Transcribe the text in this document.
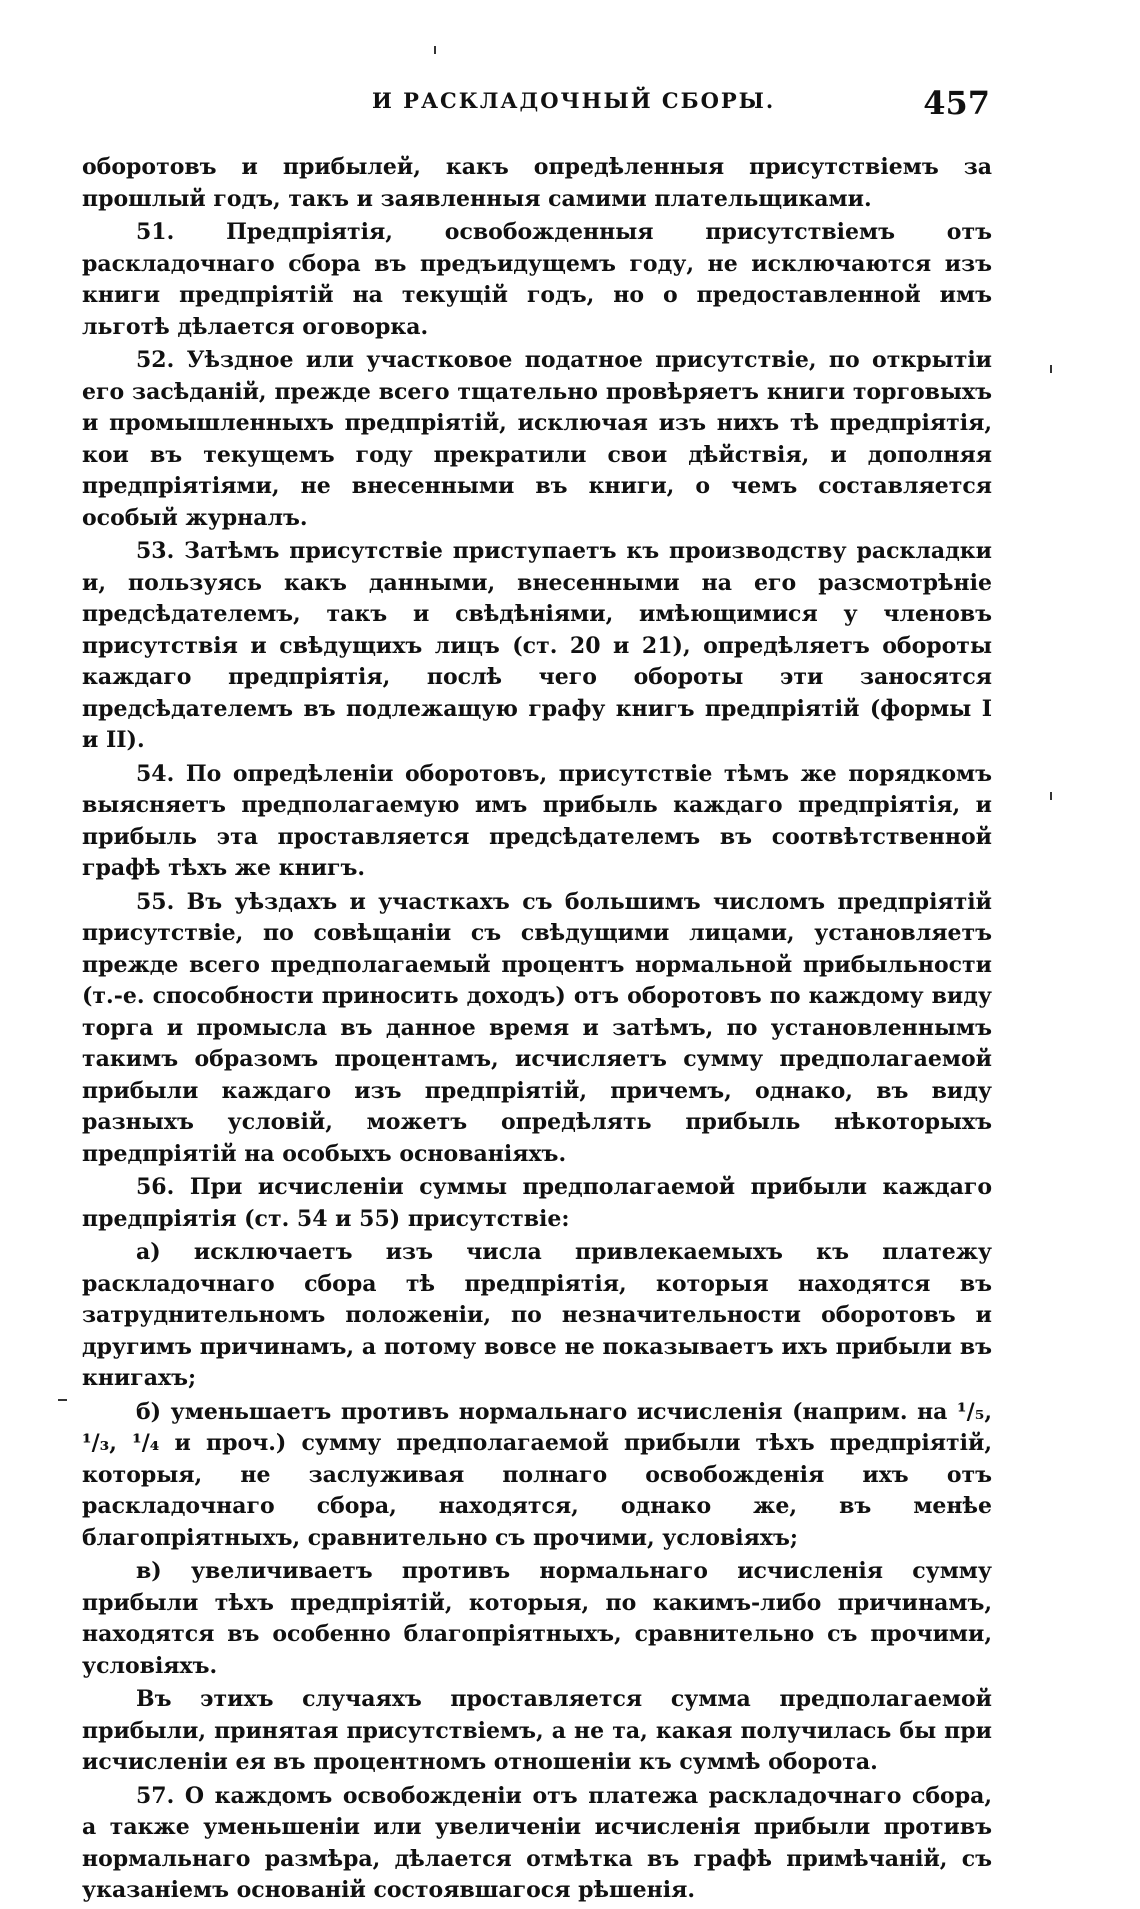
И РАСКЛАДОЧНЫЙ СБОРЫ.	457

оборотовъ и прибылей, какъ опредѣленныя присутствіемъ за прошлый годъ, такъ и заявленныя самими плательщиками.

51. Предпріятія, освобожденныя присутствіемъ отъ раскладочнаго сбора въ предъидущемъ году, не исключаются изъ книги предпріятій на текущій годъ, но о предоставленной имъ льготѣ дѣлается оговорка.

52. Уѣздное или участковое податное присутствіе, по открытіи его засѣданій, прежде всего тщательно провѣряетъ книги торговыхъ и промышленныхъ предпріятій, исключая изъ нихъ тѣ предпріятія, кои въ текущемъ году прекратили свои дѣйствія, и дополняя предпріятіями, не внесенными въ книги, о чемъ составляется особый журналъ.

53. Затѣмъ присутствіе приступаетъ къ производству раскладки и, пользуясь какъ данными, внесенными на его разсмотрѣніе предсѣдателемъ, такъ и свѣдѣніями, имѣющимися у членовъ присутствія и свѣдущихъ лицъ (ст. 20 и 21), опредѣляетъ обороты каждаго предпріятія, послѣ чего обороты эти заносятся предсѣдателемъ въ подлежащую графу книгъ предпріятій (формы I и II).

54. По опредѣленіи оборотовъ, присутствіе тѣмъ же порядкомъ выясняетъ предполагаемую имъ прибыль каждаго предпріятія, и прибыль эта проставляется предсѣдателемъ въ соотвѣтственной графѣ тѣхъ же книгъ.

55. Въ уѣздахъ и участкахъ съ большимъ числомъ предпріятій присутствіе, по совѣщаніи съ свѣдущими лицами, установляетъ прежде всего предполагаемый процентъ нормальной прибыльности (т.-е. способности приносить доходъ) отъ оборотовъ по каждому виду торга и промысла въ данное время и затѣмъ, по установленнымъ такимъ образомъ процентамъ, исчисляетъ сумму предполагаемой прибыли каждаго изъ предпріятій, причемъ, однако, въ виду разныхъ условій, можетъ опредѣлять прибыль нѣкоторыхъ предпріятій на особыхъ основаніяхъ.

56. При исчисленіи суммы предполагаемой прибыли каждаго предпріятія (ст. 54 и 55) присутствіе:

а) исключаетъ изъ числа привлекаемыхъ къ платежу раскладочнаго сбора тѣ предпріятія, которыя находятся въ затруднительномъ положеніи, по незначительности оборотовъ и другимъ причинамъ, а потому вовсе не показываетъ ихъ прибыли въ книгахъ;

б) уменьшаетъ противъ нормальнаго исчисленія (наприм. на ¹/₅, ¹/₃, ¹/₄ и проч.) сумму предполагаемой прибыли тѣхъ предпріятій, которыя, не заслуживая полнаго освобожденія ихъ отъ раскладочнаго сбора, находятся, однако же, въ менѣе благопріятныхъ, сравнительно съ прочими, условіяхъ;

в) увеличиваетъ противъ нормальнаго исчисленія сумму прибыли тѣхъ предпріятій, которыя, по какимъ-либо причинамъ, находятся въ особенно благопріятныхъ, сравнительно съ прочими, условіяхъ.

Въ этихъ случаяхъ проставляется сумма предполагаемой прибыли, принятая присутствіемъ, а не та, какая получилась бы при исчисленіи ея въ процентномъ отношеніи къ суммѣ оборота.

57. О каждомъ освобожденіи отъ платежа раскладочнаго сбора, а также уменьшеніи или увеличеніи исчисленія прибыли противъ нормальнаго размѣра, дѣлается отмѣтка въ графѣ примѣчаній, съ указаніемъ основаній состоявшагося рѣшенія.
